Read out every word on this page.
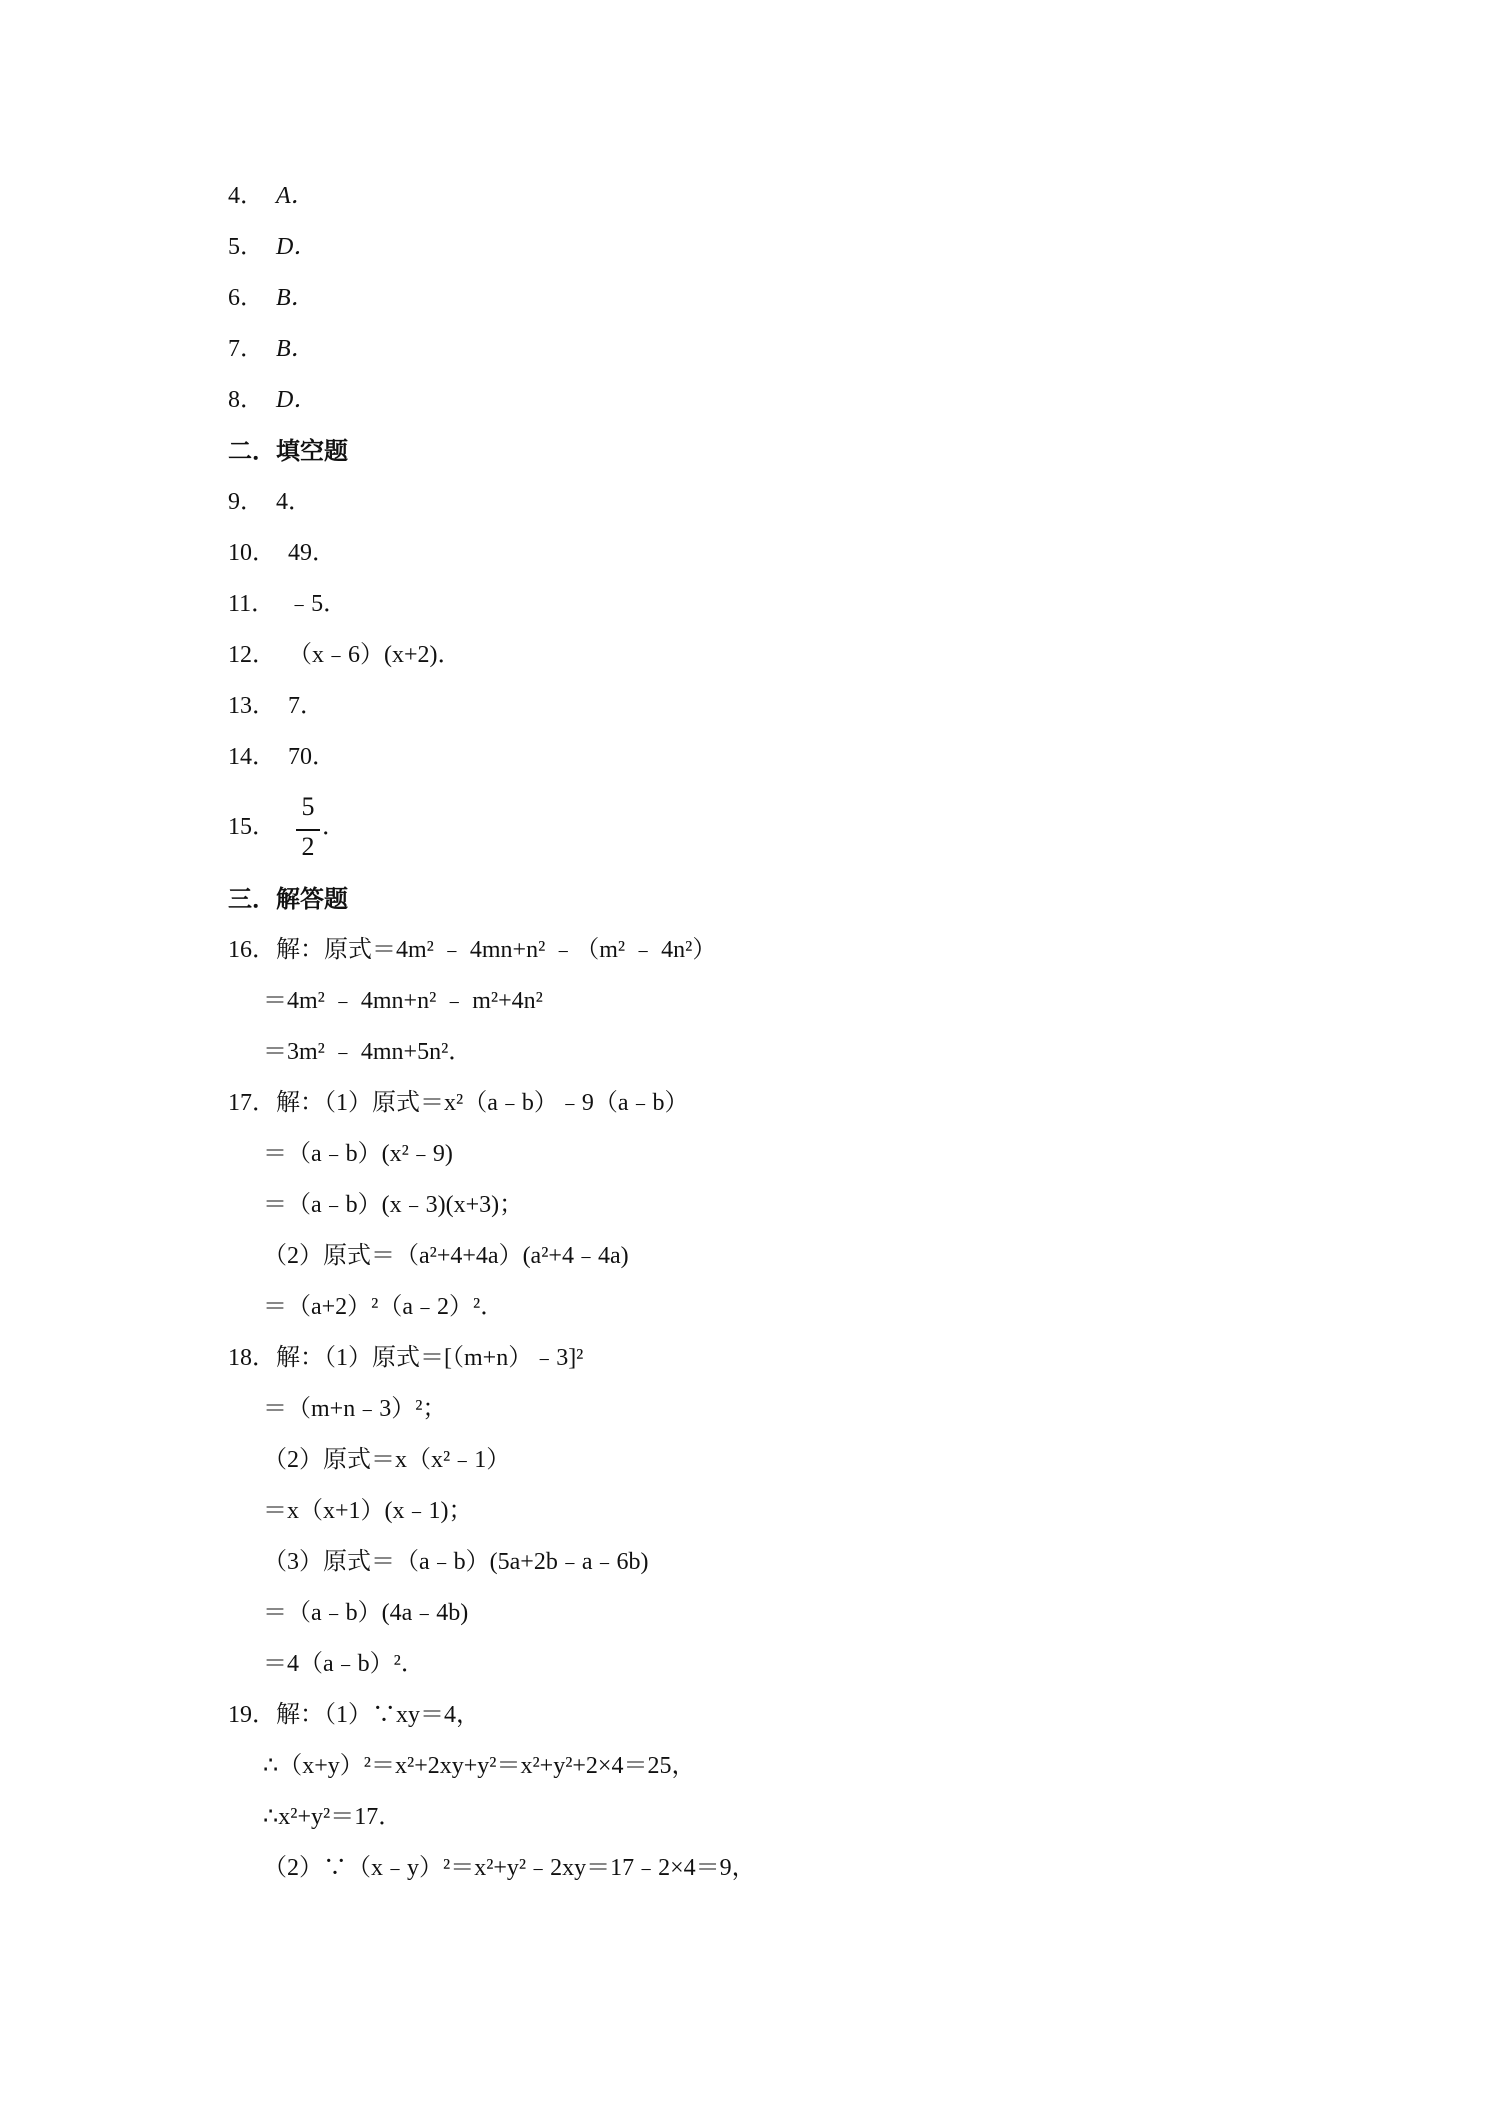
4． A．
5． D．
6． B．
7． B．
8． D．
二．填空题
9． 4．
10． 49．
11． ﹣5．
12． （x﹣6）(x+2)．
13． 7．
14． 70．
15．
5
2
．
三．解答题
16．解：原式＝4m² ﹣ 4mn+n² ﹣（m² ﹣ 4n²）
＝4m² ﹣ 4mn+n² ﹣ m²+4n²
＝3m² ﹣ 4mn+5n²．
17．解：（1）原式＝x²（a﹣b）﹣9（a﹣b）
＝（a﹣b）(x²﹣9)
＝（a﹣b）(x﹣3)(x+3)；
（2）原式＝（a²+4+4a）(a²+4﹣4a)
＝（a+2）²（a﹣2）²．
18．解：（1）原式＝[（m+n）﹣3]²
＝（m+n﹣3）²；
（2）原式＝x（x²﹣1）
＝x（x+1）(x﹣1)；
（3）原式＝（a﹣b）(5a+2b﹣a﹣6b)
＝（a﹣b）(4a﹣4b)
＝4（a﹣b）²．
19．解：（1）∵xy＝4，
∴（x+y）²＝x²+2xy+y²＝x²+y²+2×4＝25，
∴x²+y²＝17．
（2）∵（x﹣y）²＝x²+y²﹣2xy＝17﹣2×4＝9，
